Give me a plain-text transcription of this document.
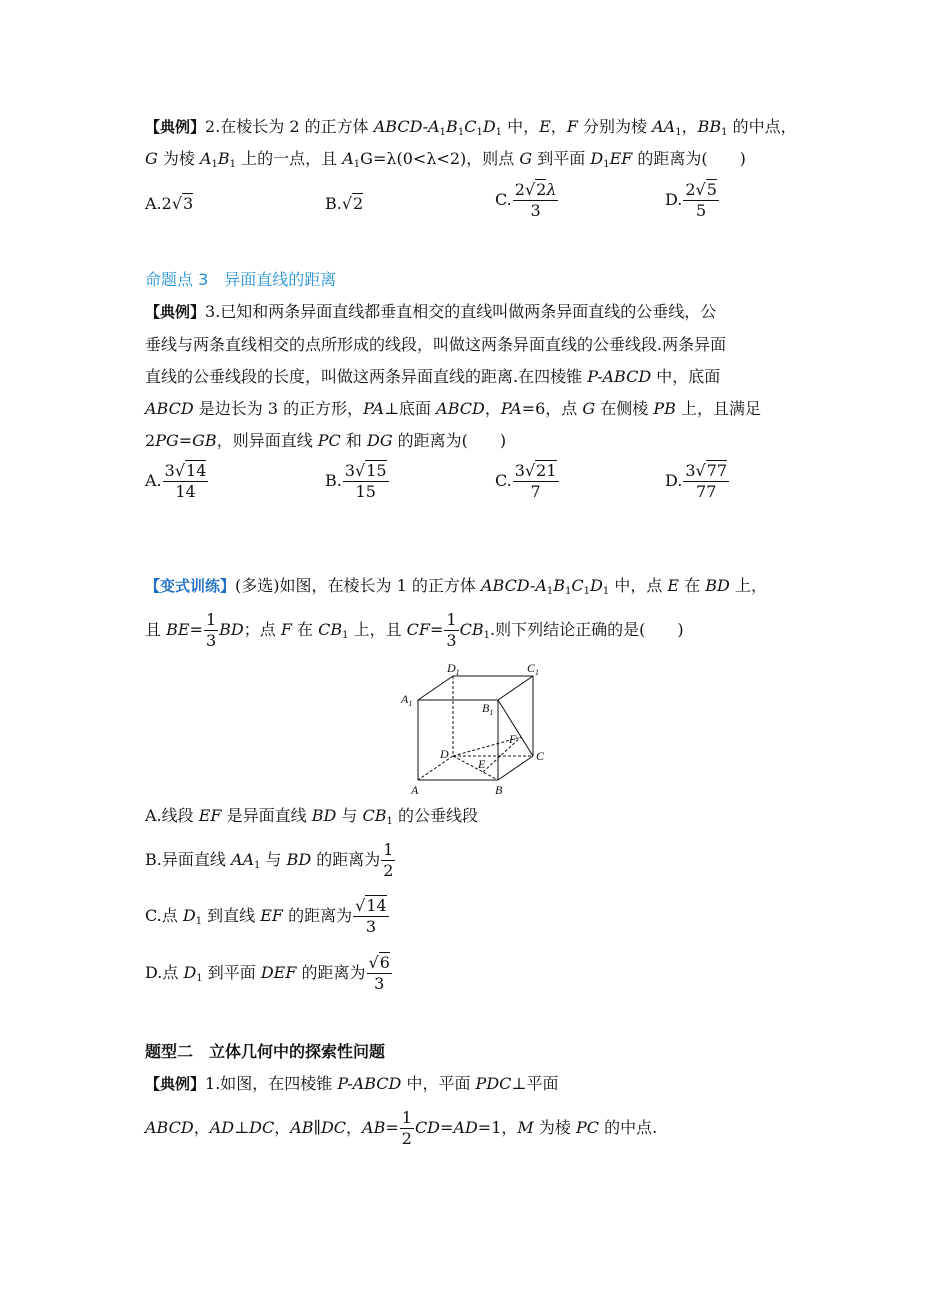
【典例】2.在棱长为 2 的正方体 ABCD-$A_1B_1C_1D_1$ 中，E，F 分别为棱 $AA_1$，$BB_1$ 的中点，
G 为棱 $A_1B_1$ 上的一点，且 $A_1G=\lambda(0<\lambda<2)$，则点 G 到平面 $D_1EF$ 的距离为(　　)
A.2√3	B.√2	C. $\frac{2√2\lambda}{3}$	D. $\frac{2√5}{5}$
命题点 3　异面直线的距离
【典例】3.已知和两条异面直线都垂直相交的直线叫做两条异面直线的公垂线，公
垂线与两条直线相交的点所形成的线段，叫做这两条异面直线的公垂线段.两条异面
直线的公垂线段的长度，叫做这两条异面直线的距离.在四棱锥 P-ABCD 中，底面
ABCD 是边长为 3 的正方形，PA⊥底面 ABCD，PA=6，点 G 在侧棱 PB 上，且满足
2PG=GB，则异面直线 PC 和 DG 的距离为(　　)
A. $\frac{3√14}{14}$	B. $\frac{3√15}{15}$	C. $\frac{3√21}{7}$	D. $\frac{3√77}{77}$
【变式训练】(多选)如图，在棱长为 1 的正方体 ABCD-$A_1B_1C_1D_1$ 中，点 E 在 BD 上，
且 $BE= \frac{1}{3}$ BD；点 F 在 $CB_1$ 上，且 $CF= \frac{1}{3} CB_1$.则下列结论正确的是(　　)
$D_1$	$C_1$
$A_1$	$B_1$
F
D	C
E
A	B
A.线段 EF 是异面直线 BD 与 $CB_1$ 的公垂线段
B.异面直线 $AA_1$ 与 BD 的距离为 $\frac{1}{2}$
C.点 $D_1$ 到直线 EF 的距离为 $\frac{√14}{3}$
D.点 $D_1$ 到平面 DEF 的距离为 $\frac{√6}{3}$
题型二　立体几何中的探索性问题
【典例】1.如图，在四棱锥 P-ABCD 中，平面 PDC⊥平面
ABCD，AD⊥DC，AB∥DC，$AB= \frac{1}{2} CD=AD=1$，M 为棱 PC 的中点.
